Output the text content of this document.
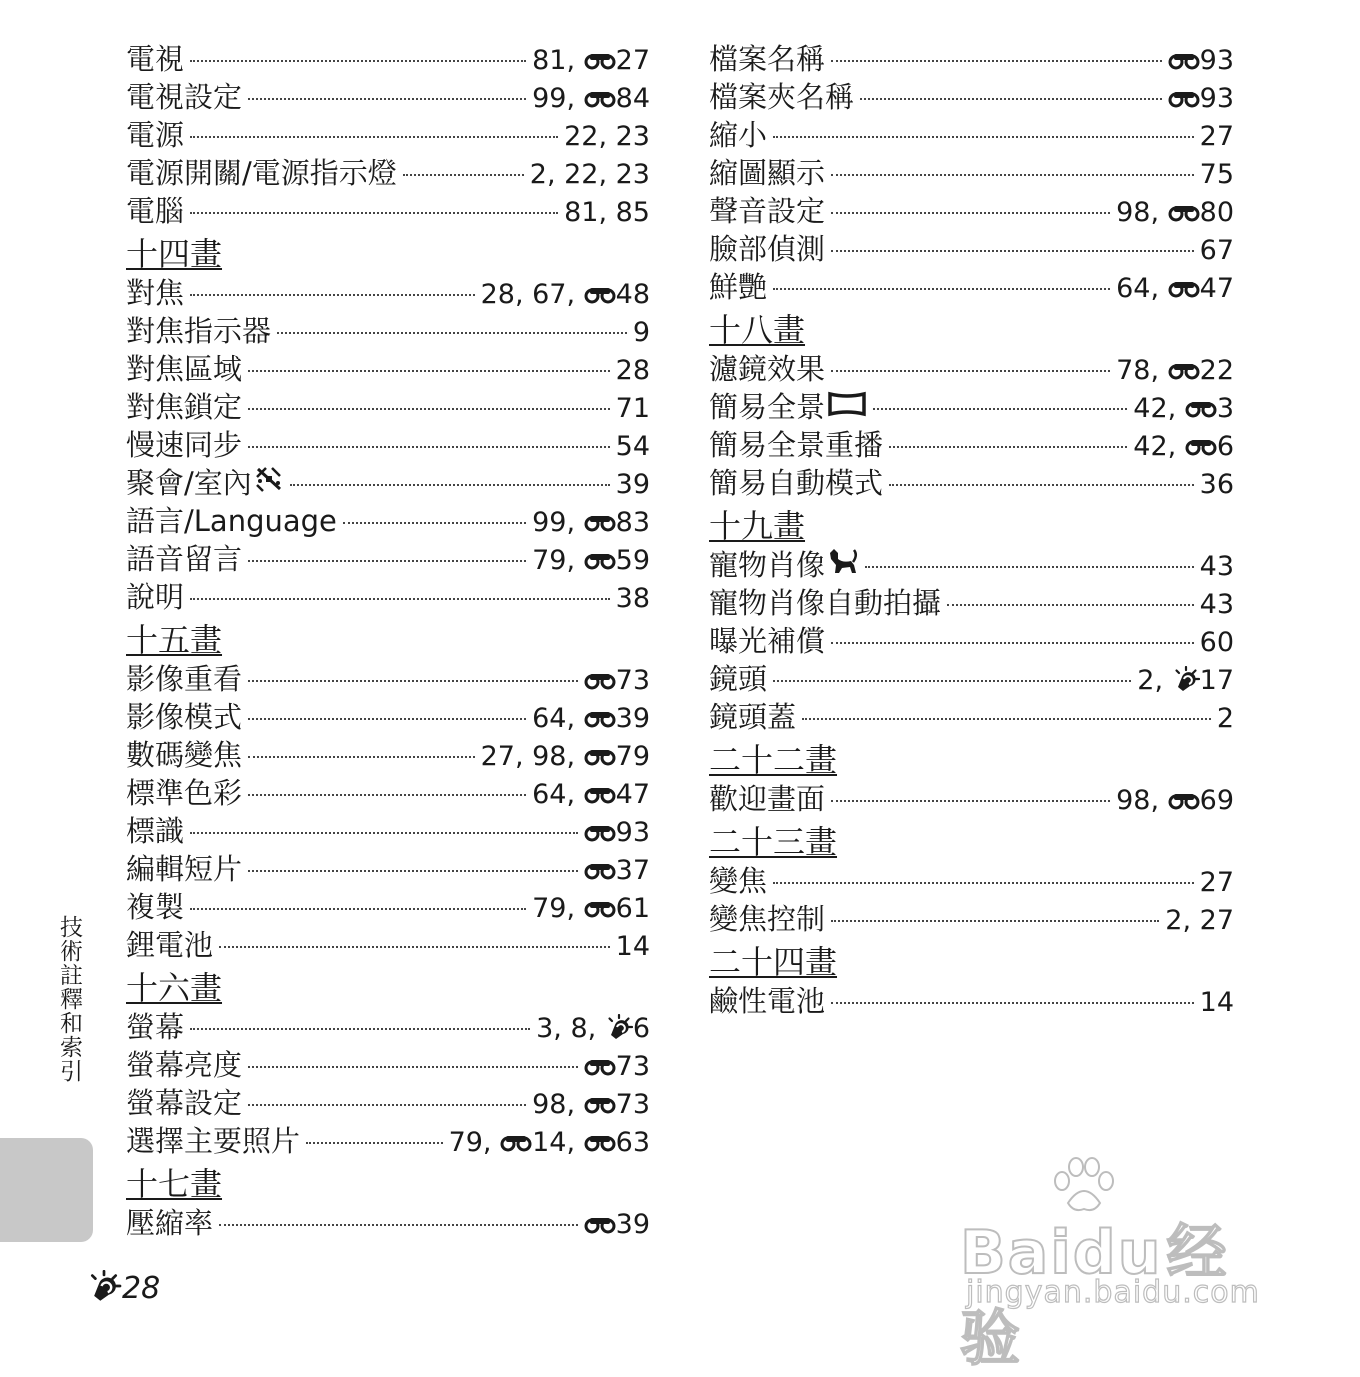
電視	81, 27
電視設定	99, 84
電源	22, 23
電源開關/電源指示燈	2, 22, 23
電腦	81, 85
十四畫
對焦	28, 67, 48
對焦指示器	9
對焦區域	28
對焦鎖定	71
慢速同步	54
聚會/室內	39
語言/Language	99, 83
語音留言	79, 59
說明	38
十五畫
影像重看	73
影像模式	64, 39
數碼變焦	27, 98, 79
標準色彩	64, 47
標識	93
編輯短片	37
複製	79, 61
鋰電池	14
十六畫
螢幕	3, 8, 6
螢幕亮度	73
螢幕設定	98, 73
選擇主要照片	79, 14, 63
十七畫
壓縮率	39
檔案名稱	93
檔案夾名稱	93
縮小	27
縮圖顯示	75
聲音設定	98, 80
臉部偵測	67
鮮艷	64, 47
十八畫
濾鏡效果	78, 22
簡易全景	42, 3
簡易全景重播	42, 6
簡易自動模式	36
十九畫
寵物肖像	43
寵物肖像自動拍攝	43
曝光補償	60
鏡頭	2, 17
鏡頭蓋	2
二十二畫
歡迎畫面	98, 69
二十三畫
變焦	27
變焦控制	2, 27
二十四畫
鹼性電池	14
技術註釋和索引
28
Baidu经验
jingyan.baidu.com
